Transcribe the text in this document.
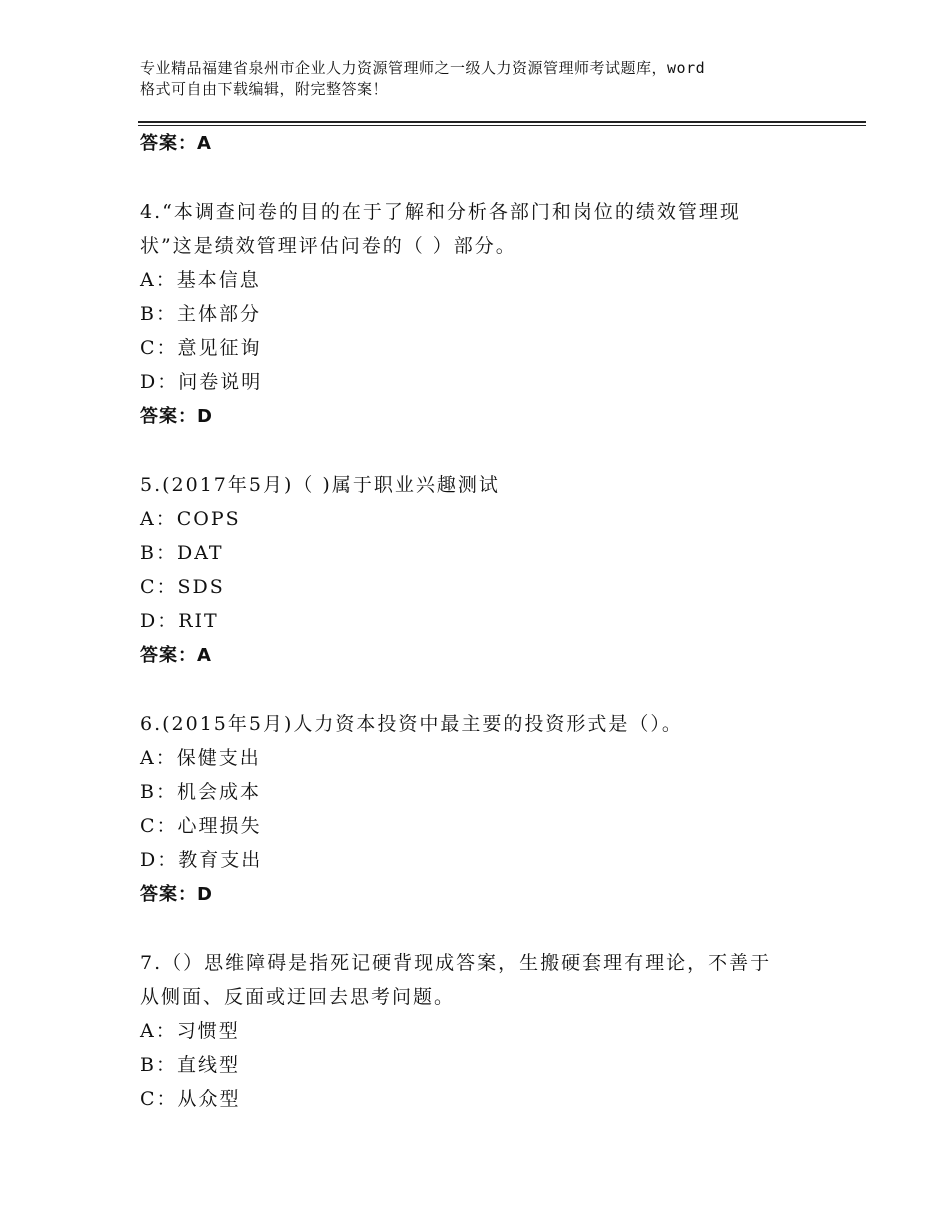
专业精品福建省泉州市企业人力资源管理师之一级人力资源管理师考试题库，word
格式可自由下载编辑，附完整答案！
答案：A
4.“本调查问卷的目的在于了解和分析各部门和岗位的绩效管理现
状”这是绩效管理评估问卷的（ ）部分。
A：基本信息
B：主体部分
C：意见征询
D：问卷说明
答案：D
5.(2017年5月)（ )属于职业兴趣测试
A：COPS
B：DAT
C：SDS
D：RIT
答案：A
6.(2015年5月)人力资本投资中最主要的投资形式是（）。
A：保健支出
B：机会成本
C：心理损失
D：教育支出
答案：D
7.（）思维障碍是指死记硬背现成答案，生搬硬套理有理论，不善于
从侧面、反面或迂回去思考问题。
A：习惯型
B：直线型
C：从众型
